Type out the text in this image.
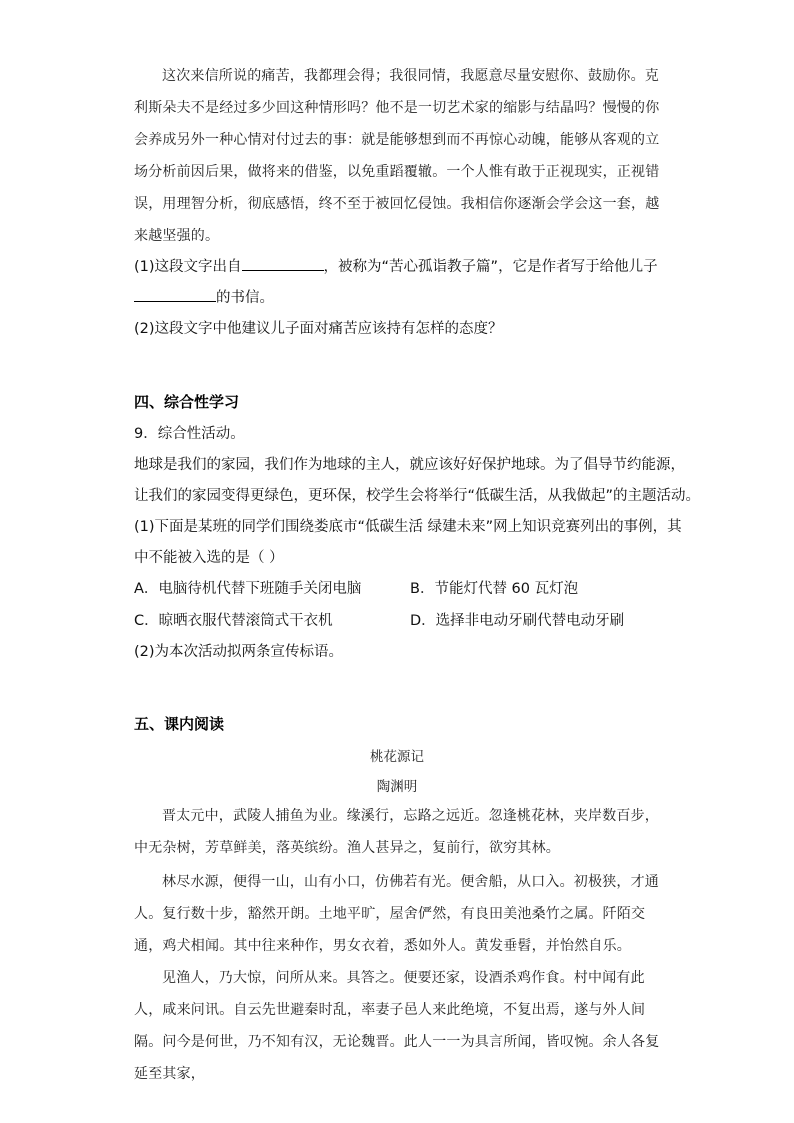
这次来信所说的痛苦，我都理会得；我很同情，我愿意尽量安慰你、鼓励你。克利斯朵夫不是经过多少回这种情形吗？他不是一切艺术家的缩影与结晶吗？慢慢的你会养成另外一种心情对付过去的事：就是能够想到而不再惊心动魄，能够从客观的立场分析前因后果，做将来的借鉴，以免重蹈覆辙。一个人惟有敢于正视现实，正视错误，用理智分析，彻底感悟，终不至于被回忆侵蚀。我相信你逐渐会学会这一套，越来越坚强的。
(1)这段文字出自	，被称为“苦心孤诣教子篇”，它是作者写于给他儿子
的书信。
(2)这段文字中他建议儿子面对痛苦应该持有怎样的态度？
四、综合性学习
9．综合性活动。
地球是我们的家园，我们作为地球的主人，就应该好好保护地球。为了倡导节约能源，
让我们的家园变得更绿色，更环保，校学生会将举行“低碳生活，从我做起”的主题活动。
(1)下面是某班的同学们围绕娄底市“低碳生活 绿建未来”网上知识竞赛列出的事例，其
中不能被入选的是（ ）
A．电脑待机代替下班随手关闭电脑	B．节能灯代替 60 瓦灯泡
C．晾晒衣服代替滚筒式干衣机	D．选择非电动牙刷代替电动牙刷
(2)为本次活动拟两条宣传标语。
五、课内阅读
桃花源记
陶渊明
晋太元中，武陵人捕鱼为业。缘溪行，忘路之远近。忽逢桃花林，夹岸数百步，中无杂树，芳草鲜美，落英缤纷。渔人甚异之，复前行，欲穷其林。
林尽水源，便得一山，山有小口，仿佛若有光。便舍船，从口入。初极狭，才通人。复行数十步，豁然开朗。土地平旷，屋舍俨然，有良田美池桑竹之属。阡陌交通，鸡犬相闻。其中往来种作，男女衣着，悉如外人。黄发垂髫，并怡然自乐。
见渔人，乃大惊，问所从来。具答之。便要还家，设酒杀鸡作食。村中闻有此人，咸来问讯。自云先世避秦时乱，率妻子邑人来此绝境，不复出焉，遂与外人间隔。问今是何世，乃不知有汉，无论魏晋。此人一一为具言所闻，皆叹惋。余人各复延至其家，
